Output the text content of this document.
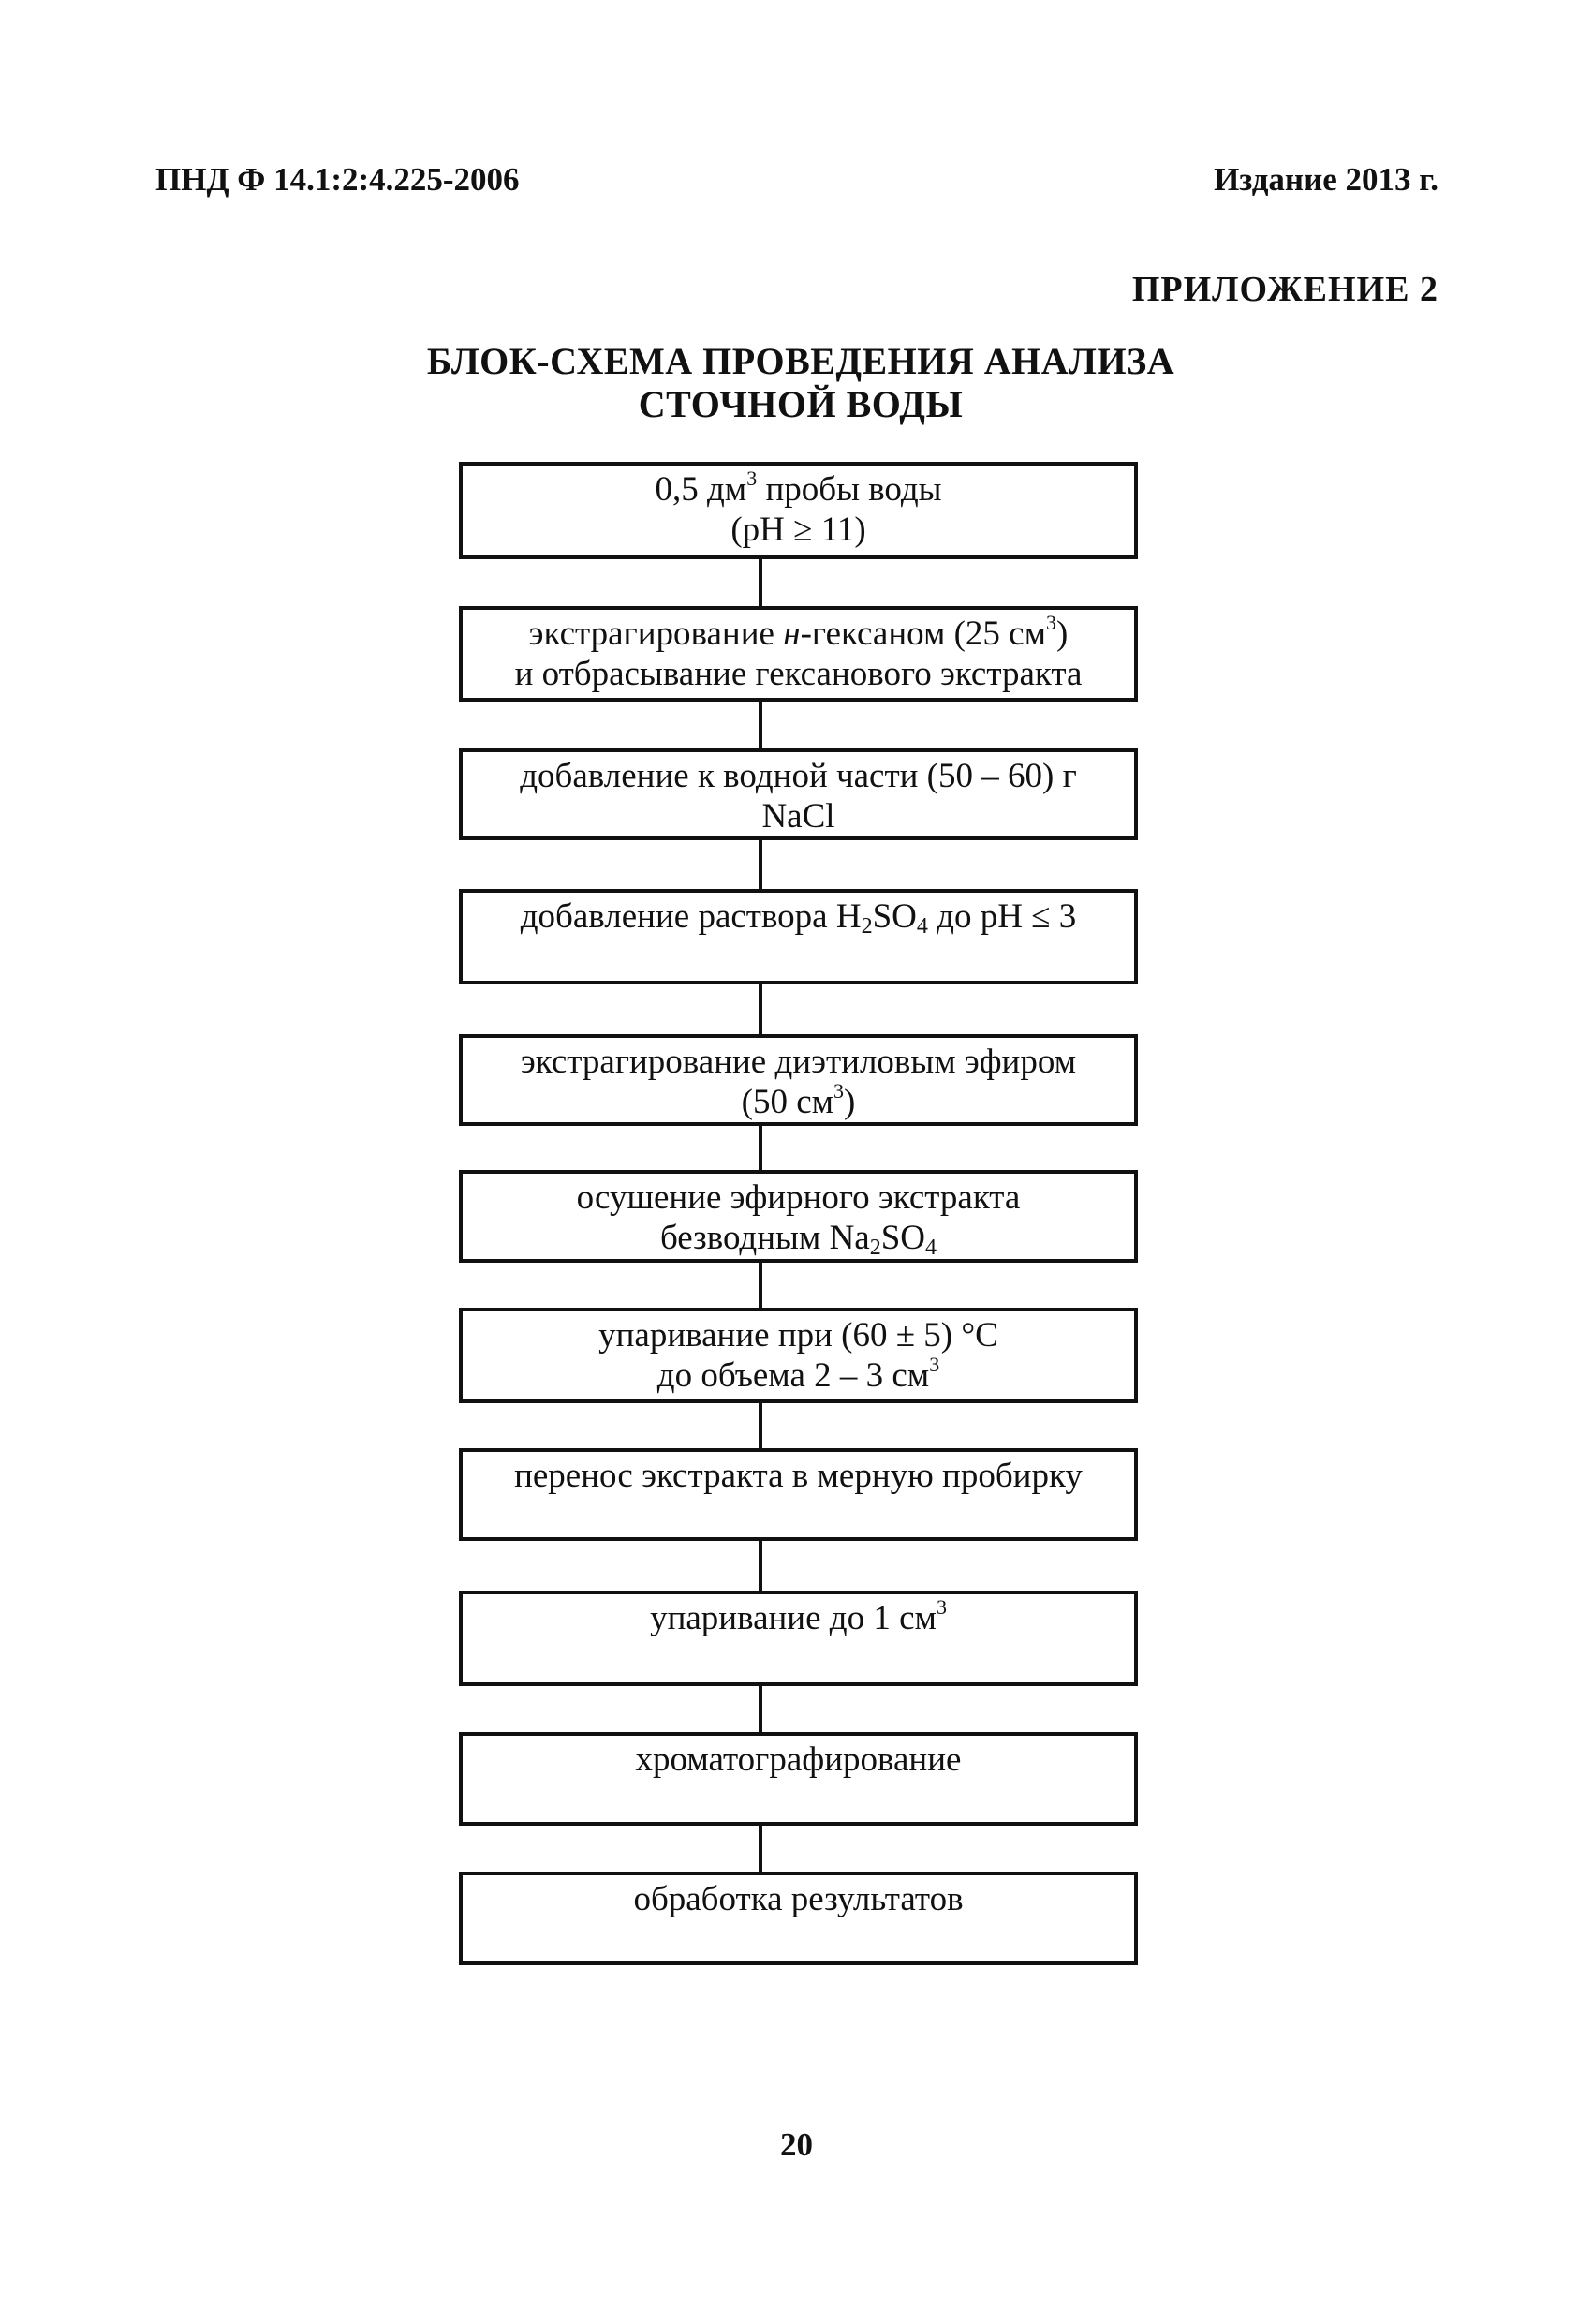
ПНД Ф 14.1:2:4.225-2006	Издание 2013 г.
ПРИЛОЖЕНИЕ 2
БЛОК-СХЕМА ПРОВЕДЕНИЯ АНАЛИЗА
СТОЧНОЙ ВОДЫ
0,5 $дм^3$ пробы воды
(pH ≥ 11)
экстрагирование н-гексаном (25 $см^3$)
и отбрасывание гексанового экстракта
добавление к водной части (50 – 60) г
NaCl
добавление раствора $H_2SO_4$ до pH ≤ 3
экстрагирование диэтиловым эфиром
(50 $см^3$)
осушение эфирного экстракта
безводным $Na_2SO_4$
упаривание при (60 ± 5) °С
до объема 2 – 3 $см^3$
перенос экстракта в мерную пробирку
упаривание до 1 $см^3$
хроматографирование
обработка результатов
20
